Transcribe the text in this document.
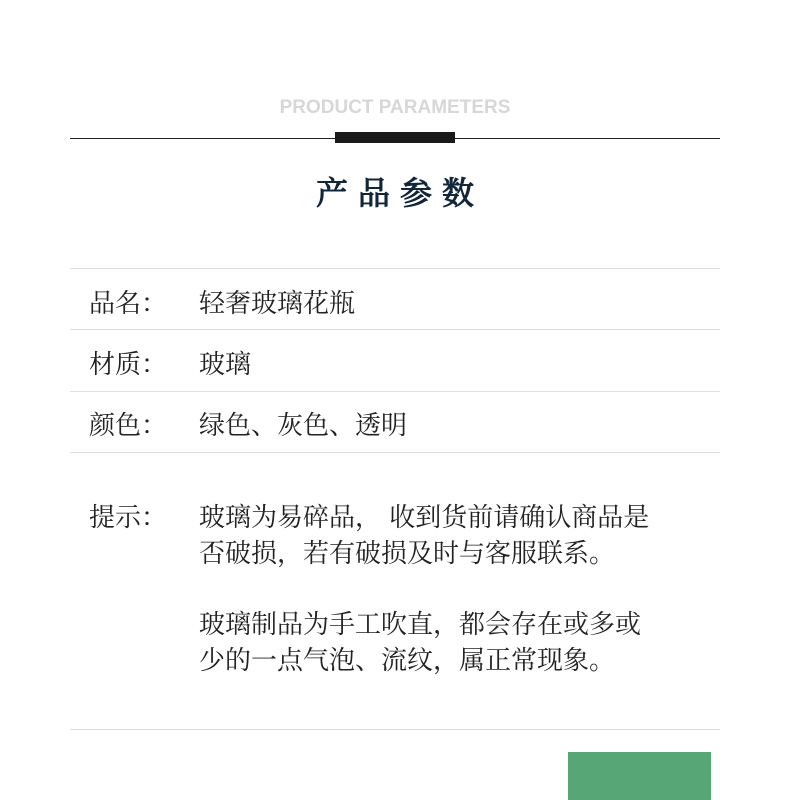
PRODUCT PARAMETERS
产品参数
品名： 轻奢玻璃花瓶
材质： 玻璃
颜色： 绿色、灰色、透明
提示： 玻璃为易碎品， 收到货前请确认商品是
否破损，若有破损及时与客服联系。
玻璃制品为手工吹直，都会存在或多或
少的一点气泡、流纹，属正常现象。
